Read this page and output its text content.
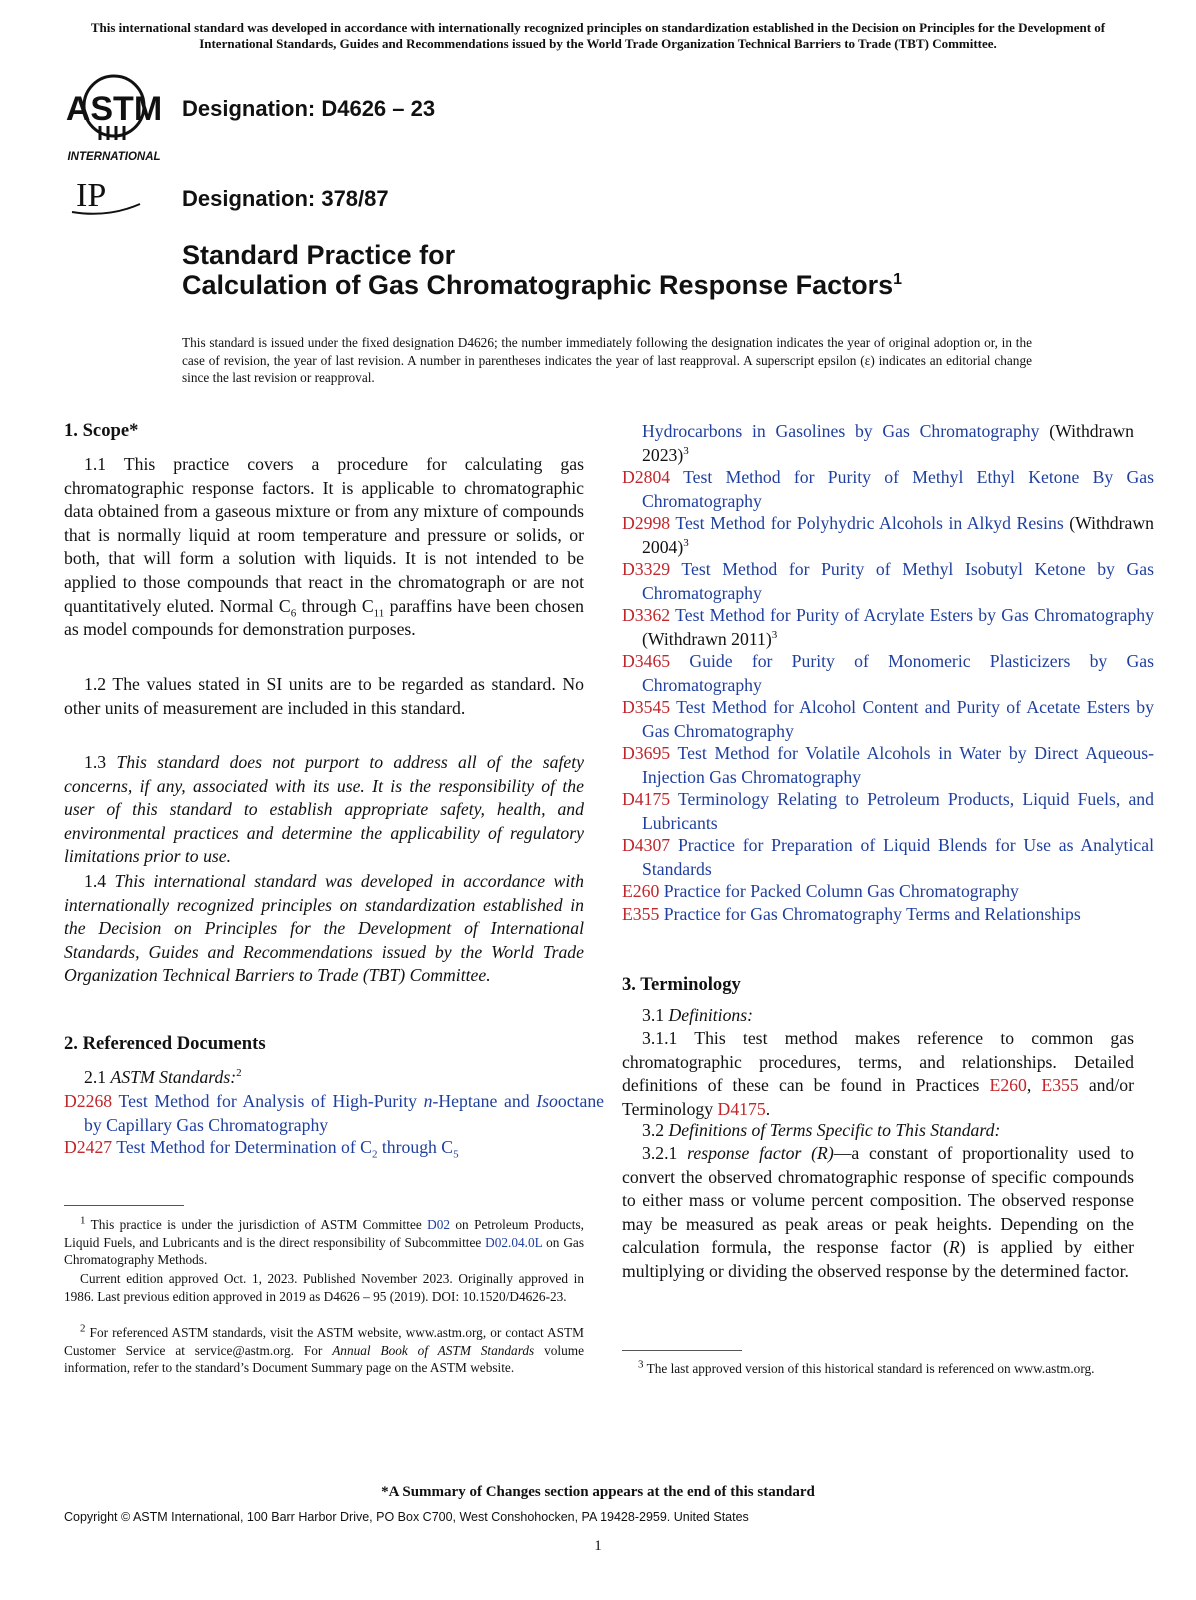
This international standard was developed in accordance with internationally recognized principles on standardization established in the Decision on Principles for the Development of International Standards, Guides and Recommendations issued by the World Trade Organization Technical Barriers to Trade (TBT) Committee.
ASTM
INTERNATIONAL
IP
Designation: D4626 – 23
Designation: 378/87
Standard Practice for
Calculation of Gas Chromatographic Response Factors$^1$
This standard is issued under the fixed designation D4626; the number immediately following the designation indicates the year of original adoption or, in the case of revision, the year of last revision. A number in parentheses indicates the year of last reapproval. A superscript epsilon (ε) indicates an editorial change since the last revision or reapproval.
1. Scope*
1.1 This practice covers a procedure for calculating gas chromatographic response factors. It is applicable to chromatographic data obtained from a gaseous mixture or from any mixture of compounds that is normally liquid at room temperature and pressure or solids, or both, that will form a solution with liquids. It is not intended to be applied to those compounds that react in the chromatograph or are not quantitatively eluted. Normal $C_6$ through $C_{11}$ paraffins have been chosen as model compounds for demonstration purposes.
1.2 The values stated in SI units are to be regarded as standard. No other units of measurement are included in this standard.
1.3 This standard does not purport to address all of the safety concerns, if any, associated with its use. It is the responsibility of the user of this standard to establish appropriate safety, health, and environmental practices and determine the applicability of regulatory limitations prior to use.
1.4 This international standard was developed in accordance with internationally recognized principles on standardization established in the Decision on Principles for the Development of International Standards, Guides and Recommendations issued by the World Trade Organization Technical Barriers to Trade (TBT) Committee.
2. Referenced Documents
2.1 ASTM Standards:$^2$
D2268 Test Method for Analysis of High-Purity n-Heptane and Isooctane by Capillary Gas Chromatography
D2427 Test Method for Determination of $C_2$ through $C_5$
$^1$ This practice is under the jurisdiction of ASTM Committee D02 on Petroleum Products, Liquid Fuels, and Lubricants and is the direct responsibility of Subcommittee D02.04.0L on Gas Chromatography Methods.
Current edition approved Oct. 1, 2023. Published November 2023. Originally approved in 1986. Last previous edition approved in 2019 as D4626 – 95 (2019). DOI: 10.1520/D4626-23.
$^2$ For referenced ASTM standards, visit the ASTM website, www.astm.org, or contact ASTM Customer Service at service@astm.org. For Annual Book of ASTM Standards volume information, refer to the standard’s Document Summary page on the ASTM website.
Hydrocarbons in Gasolines by Gas Chromatography (Withdrawn 2023)$^3$
D2804 Test Method for Purity of Methyl Ethyl Ketone By Gas Chromatography
D2998 Test Method for Polyhydric Alcohols in Alkyd Resins (Withdrawn 2004)$^3$
D3329 Test Method for Purity of Methyl Isobutyl Ketone by Gas Chromatography
D3362 Test Method for Purity of Acrylate Esters by Gas Chromatography (Withdrawn 2011)$^3$
D3465 Guide for Purity of Monomeric Plasticizers by Gas Chromatography
D3545 Test Method for Alcohol Content and Purity of Acetate Esters by Gas Chromatography
D3695 Test Method for Volatile Alcohols in Water by Direct Aqueous-Injection Gas Chromatography
D4175 Terminology Relating to Petroleum Products, Liquid Fuels, and Lubricants
D4307 Practice for Preparation of Liquid Blends for Use as Analytical Standards
E260 Practice for Packed Column Gas Chromatography
E355 Practice for Gas Chromatography Terms and Relationships
3. Terminology
3.1 Definitions:
3.1.1 This test method makes reference to common gas chromatographic procedures, terms, and relationships. Detailed definitions of these can be found in Practices E260, E355 and/or Terminology D4175.
3.2 Definitions of Terms Specific to This Standard:
3.2.1 response factor (R)—a constant of proportionality used to convert the observed chromatographic response of specific compounds to either mass or volume percent composition. The observed response may be measured as peak areas or peak heights. Depending on the calculation formula, the response factor (R) is applied by either multiplying or dividing the observed response by the determined factor.
$^3$ The last approved version of this historical standard is referenced on www.astm.org.
*A Summary of Changes section appears at the end of this standard
Copyright © ASTM International, 100 Barr Harbor Drive, PO Box C700, West Conshohocken, PA 19428-2959. United States
1
